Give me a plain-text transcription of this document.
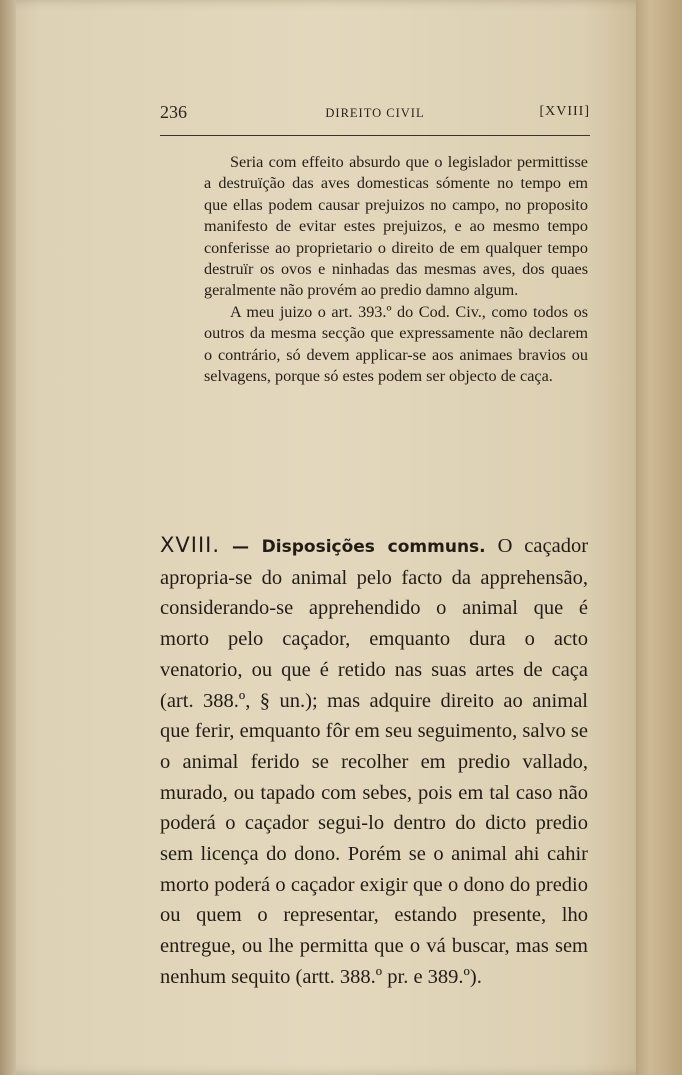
236	DIREITO CIVIL	[XVIII]

Seria com effeito absurdo que o legislador permittisse a destruïção das aves domesticas sómente no tempo em que ellas podem causar prejuizos no campo, no proposito manifesto de evitar estes prejuizos, e ao mesmo tempo conferisse ao proprietario o direito de em qualquer tempo destruïr os ovos e ninhadas das mesmas aves, dos quaes geralmente não provém ao predio damno algum.

A meu juizo o art. 393.º do Cod. Civ., como todos os outros da mesma secção que expressamente não declarem o contrário, só devem applicar-se aos animaes bravios ou selvagens, porque só estes podem ser objecto de caça.

XVIII. — Disposições communs. O caçador apropria-se do animal pelo facto da apprehensão, considerando-se apprehendido o animal que é morto pelo caçador, emquanto dura o acto venatorio, ou que é retido nas suas artes de caça (art. 388.º, § un.); mas adquire direito ao animal que ferir, emquanto fôr em seu seguimento, salvo se o animal ferido se recolher em predio vallado, murado, ou tapado com sebes, pois em tal caso não poderá o caçador segui-lo dentro do dicto predio sem licença do dono. Porém se o animal ahi cahir morto poderá o caçador exigir que o dono do predio ou quem o representar, estando presente, lho entregue, ou lhe permitta que o vá buscar, mas sem nenhum sequito (artt. 388.º pr. e 389.º).
